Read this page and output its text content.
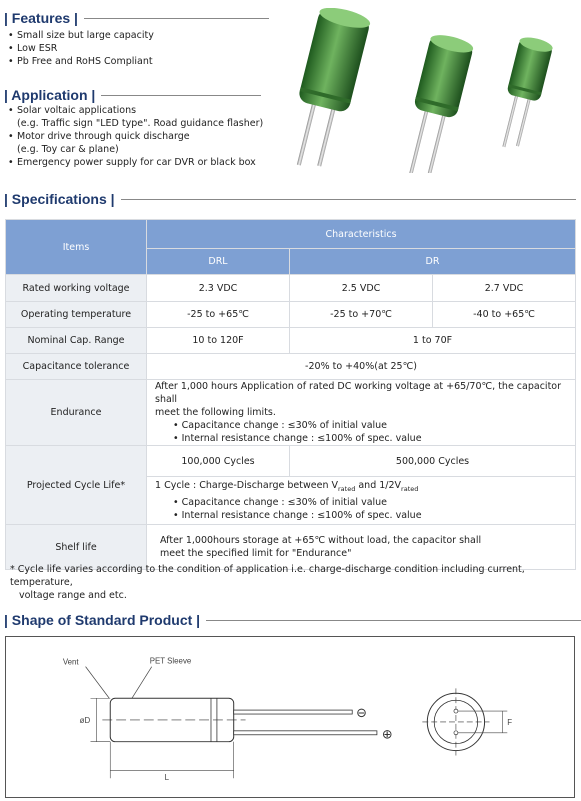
| Features |
• Small size but large capacity
• Low ESR
• Pb Free and RoHS Compliant
| Application |
• Solar voltaic applications
(e.g. Traffic sign "LED type". Road guidance flasher)
• Motor drive through quick discharge
(e.g. Toy car & plane)
• Emergency power supply for car DVR or black box
| Specifications |
Items	Characteristics		
	DRL	DR	
Rated working voltage	2.3 VDC	2.5 VDC	2.7 VDC
Operating temperature	-25 to +65℃	-25 to +70℃	-40 to +65℃
Nominal Cap. Range	10 to 120F	1 to 70F	
Capacitance tolerance	-20% to +40%(at 25℃)		
Endurance	After 1,000 hours Application of rated DC working voltage at +65/70℃, the capacitor shall
meet the following limits.
• Capacitance change : ≤30% of initial value
• Internal resistance change : ≤100% of spec. value		

Projected Cycle Life*	100,000 Cycles	500,000 Cycles	

	1 Cycle : Charge-Discharge between $V_{rated}$ and $1/2V_{rated}$
• Capacitance change : ≤30% of initial value
• Internal resistance change : ≤100% of spec. value		

Shelf life	After 1,000hours storage at +65℃ without load, the capacitor shall
meet the specified limit for "Endurance"		
* Cycle life varies according to the condition of application i.e. charge-discharge condition including current, temperature,
voltage range and etc.
| Shape of Standard Product |
⊖
⊕
Vent	PET Sleeve
øD
L
F
